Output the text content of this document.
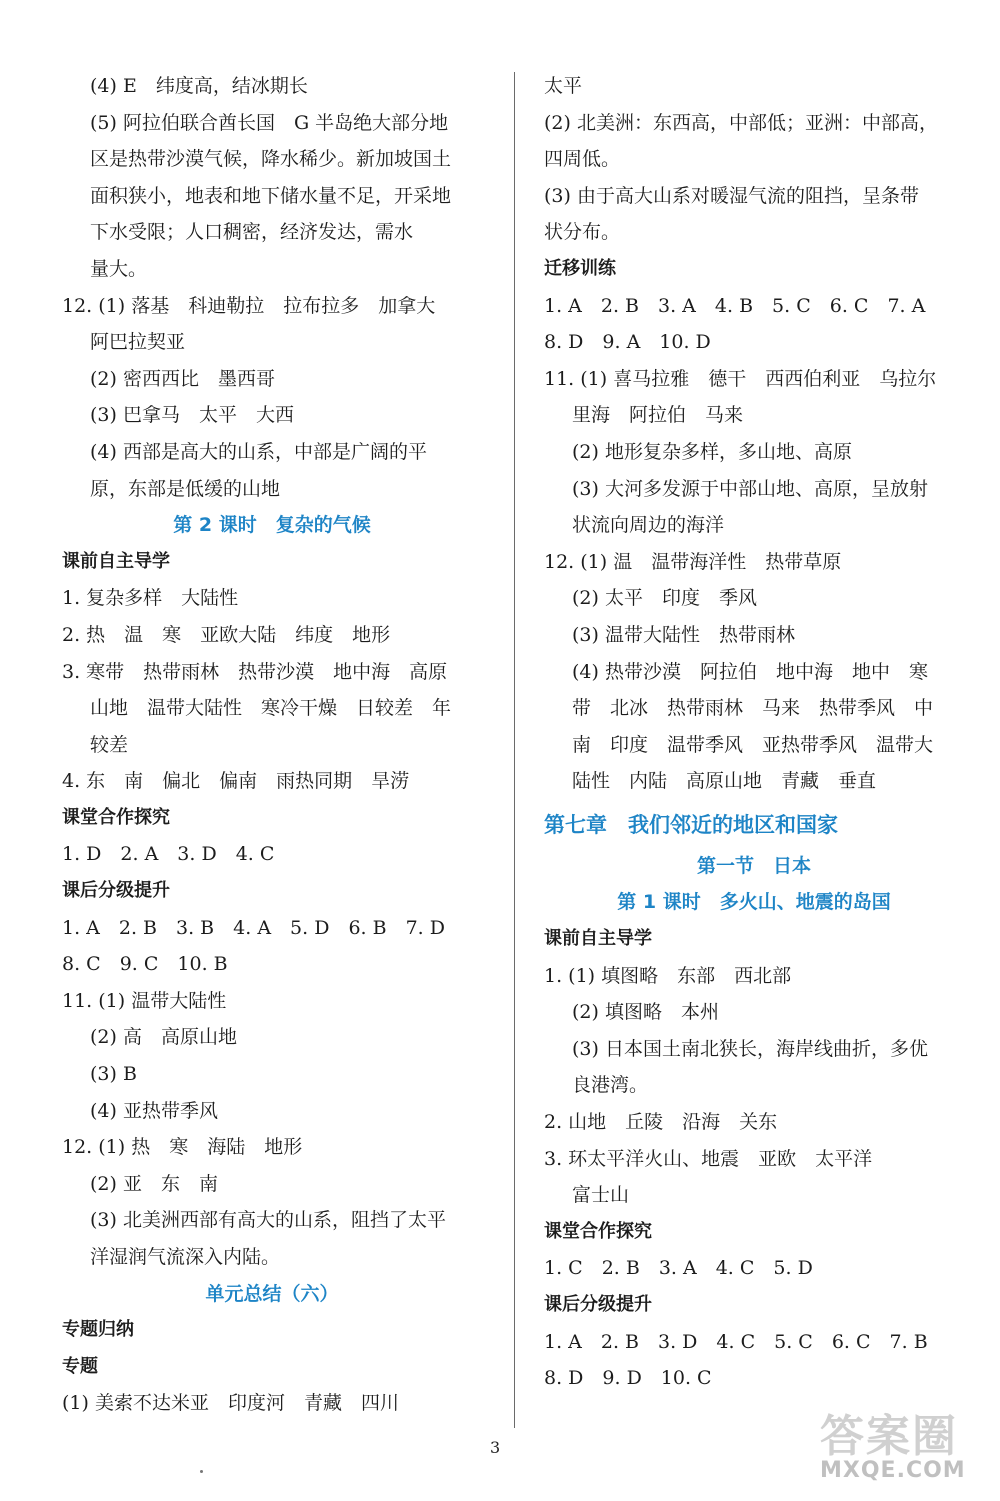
(4) E　纬度高，结冰期长
(5) 阿拉伯联合酋长国　G 半岛绝大部分地
区是热带沙漠气候，降水稀少。新加坡国土
面积狭小，地表和地下储水量不足，开采地
下水受限；人口稠密，经济发达，需水
量大。
12. (1) 落基　科迪勒拉　拉布拉多　加拿大
阿巴拉契亚
(2) 密西西比　墨西哥
(3) 巴拿马　太平　大西
(4) 西部是高大的山系，中部是广阔的平
原，东部是低缓的山地
第 2 课时　复杂的气候
课前自主导学
1. 复杂多样　大陆性
2. 热　温　寒　亚欧大陆　纬度　地形
3. 寒带　热带雨林　热带沙漠　地中海　高原
山地　温带大陆性　寒冷干燥　日较差　年
较差
4. 东　南　偏北　偏南　雨热同期　旱涝
课堂合作探究
1. D　2. A　3. D　4. C
课后分级提升
1. A　2. B　3. B　4. A　5. D　6. B　7. D
8. C　9. C　10. B
11. (1) 温带大陆性
(2) 高　高原山地
(3) B
(4) 亚热带季风
12. (1) 热　寒　海陆　地形
(2) 亚　东　南
(3) 北美洲西部有高大的山系，阻挡了太平
洋湿润气流深入内陆。
单元总结（六）
专题归纳
专题
(1) 美索不达米亚　印度河　青藏　四川
太平
(2) 北美洲：东西高，中部低；亚洲：中部高，
四周低。
(3) 由于高大山系对暖湿气流的阻挡，呈条带
状分布。
迁移训练
1. A　2. B　3. A　4. B　5. C　6. C　7. A
8. D　9. A　10. D
11. (1) 喜马拉雅　德干　西西伯利亚　乌拉尔
里海　阿拉伯　马来
(2) 地形复杂多样，多山地、高原
(3) 大河多发源于中部山地、高原，呈放射
状流向周边的海洋
12. (1) 温　温带海洋性　热带草原
(2) 太平　印度　季风
(3) 温带大陆性　热带雨林
(4) 热带沙漠　阿拉伯　地中海　地中　寒
带　北冰　热带雨林　马来　热带季风　中
南　印度　温带季风　亚热带季风　温带大
陆性　内陆　高原山地　青藏　垂直
第七章　我们邻近的地区和国家
第一节　日本
第 1 课时　多火山、地震的岛国
课前自主导学
1. (1) 填图略　东部　西北部
(2) 填图略　本州
(3) 日本国土南北狭长，海岸线曲折，多优
良港湾。
2. 山地　丘陵　沿海　关东
3. 环太平洋火山、地震　亚欧　太平洋
富士山
课堂合作探究
1. C　2. B　3. A　4. C　5. D
课后分级提升
1. A　2. B　3. D　4. C　5. C　6. C　7. B
8. D　9. D　10. C
3	答案圈
MXQE.COM
